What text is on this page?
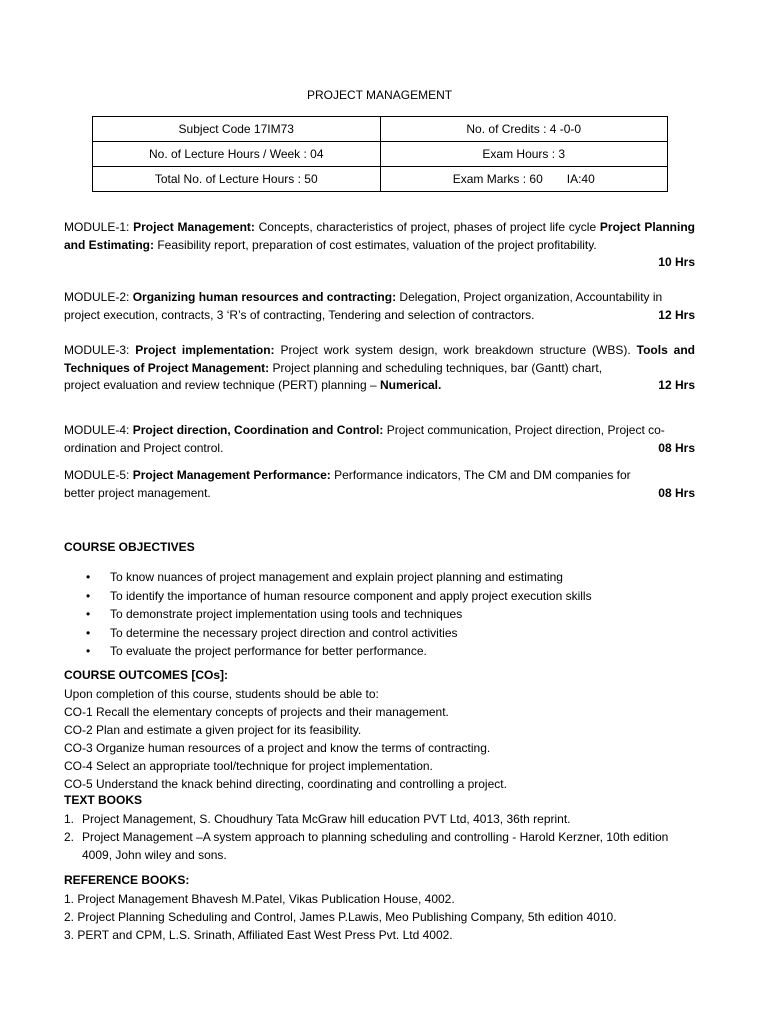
PROJECT MANAGEMENT
Subject Code 17IM73	No. of Credits : 4 -0-0
No. of Lecture Hours / Week : 04	Exam Hours : 3
Total No. of Lecture Hours : 50	Exam Marks : 60 IA:40
MODULE-1: Project Management: Concepts, characteristics of project, phases of project life cycle Project Planning and Estimating: Feasibility report, preparation of cost estimates, valuation of the project profitability.
10 Hrs
MODULE-2: Organizing human resources and contracting: Delegation, Project organization, Accountability in
project execution, contracts, 3 ‘R’s of contracting, Tendering and selection of contractors.	12 Hrs
MODULE-3: Project implementation: Project work system design, work breakdown structure (WBS). Tools and Techniques of Project Management: Project planning and scheduling techniques, bar (Gantt) chart,
project evaluation and review technique (PERT) planning – Numerical.	12 Hrs
MODULE-4: Project direction, Coordination and Control: Project communication, Project direction, Project co-
ordination and Project control.	08 Hrs
MODULE-5: Project Management Performance: Performance indicators, The CM and DM companies for
better project management.	08 Hrs
COURSE OBJECTIVES
• To know nuances of project management and explain project planning and estimating
• To identify the importance of human resource component and apply project execution skills
• To demonstrate project implementation using tools and techniques
• To determine the necessary project direction and control activities
• To evaluate the project performance for better performance.
COURSE OUTCOMES [COs]:
Upon completion of this course, students should be able to:
CO-1 Recall the elementary concepts of projects and their management.
CO-2 Plan and estimate a given project for its feasibility.
CO-3 Organize human resources of a project and know the terms of contracting.
CO-4 Select an appropriate tool/technique for project implementation.
CO-5 Understand the knack behind directing, coordinating and controlling a project.
TEXT BOOKS
1. Project Management, S. Choudhury Tata McGraw hill education PVT Ltd, 4013, 36th reprint.
2. Project Management –A system approach to planning scheduling and controlling - Harold Kerzner, 10th edition 4009, John wiley and sons.
REFERENCE BOOKS:
1. Project Management Bhavesh M.Patel, Vikas Publication House, 4002.
2. Project Planning Scheduling and Control, James P.Lawis, Meo Publishing Company, 5th edition 4010.
3. PERT and CPM, L.S. Srinath, Affiliated East West Press Pvt. Ltd 4002.
